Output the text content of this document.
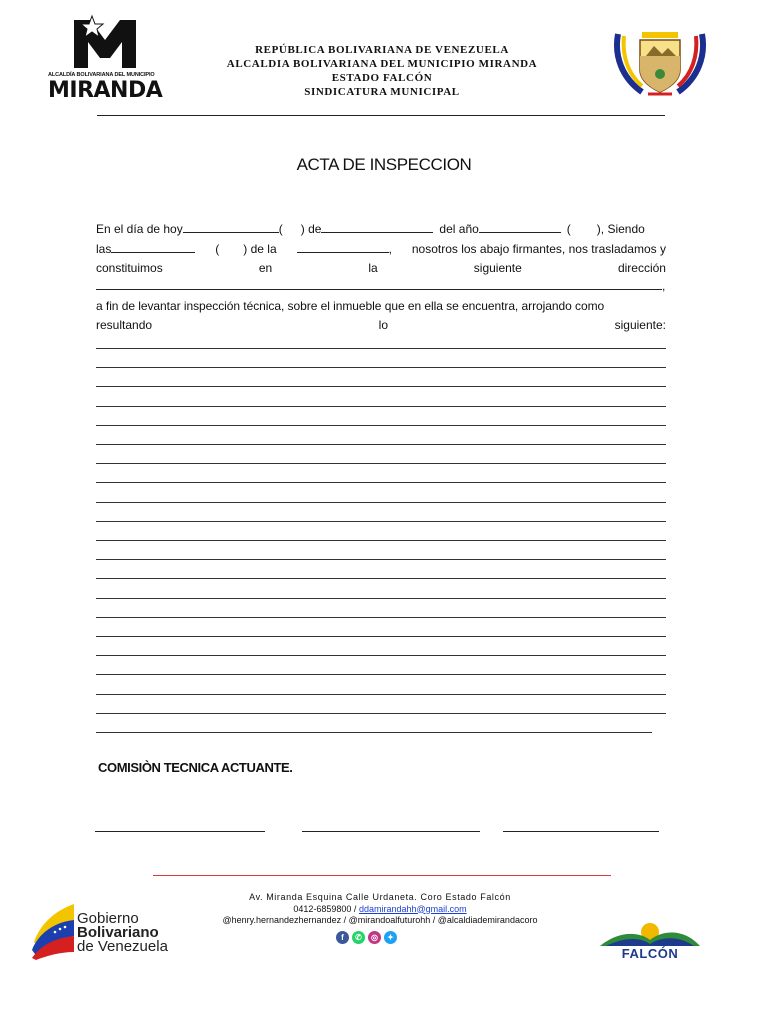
ALCALDÍA BOLIVARIANA DEL MUNICIPIO
MIRANDA
REPÚBLICA BOLIVARIANA DE VENEZUELA
ALCALDIA BOLIVARIANA DEL MUNICIPIO MIRANDA
ESTADO FALCÓN
SINDICATURA MUNICIPAL
ACTA DE INSPECCION
En el día de hoy	( ) de	del año	( ), Siendo
las	( ) de la	, nosotros los abajo firmantes, nos trasladamos y
constituimos	en	la	siguiente	dirección
,
a fin de levantar inspección técnica, sobre el inmueble que en ella se encuentra, arrojando como
resultando	lo	siguiente:
COMISIÒN TECNICA ACTUANTE.
Av. Miranda Esquina Calle Urdaneta. Coro Estado Falcón
0412-6859800 / ddamirandahh@gmail.com
@henry.hernandezhernandez / @mirandoalfuturohh / @alcaldiademirandacoro
f	✆	◎	✦
Gobierno
Bolivariano
de Venezuela	FALCÓN
